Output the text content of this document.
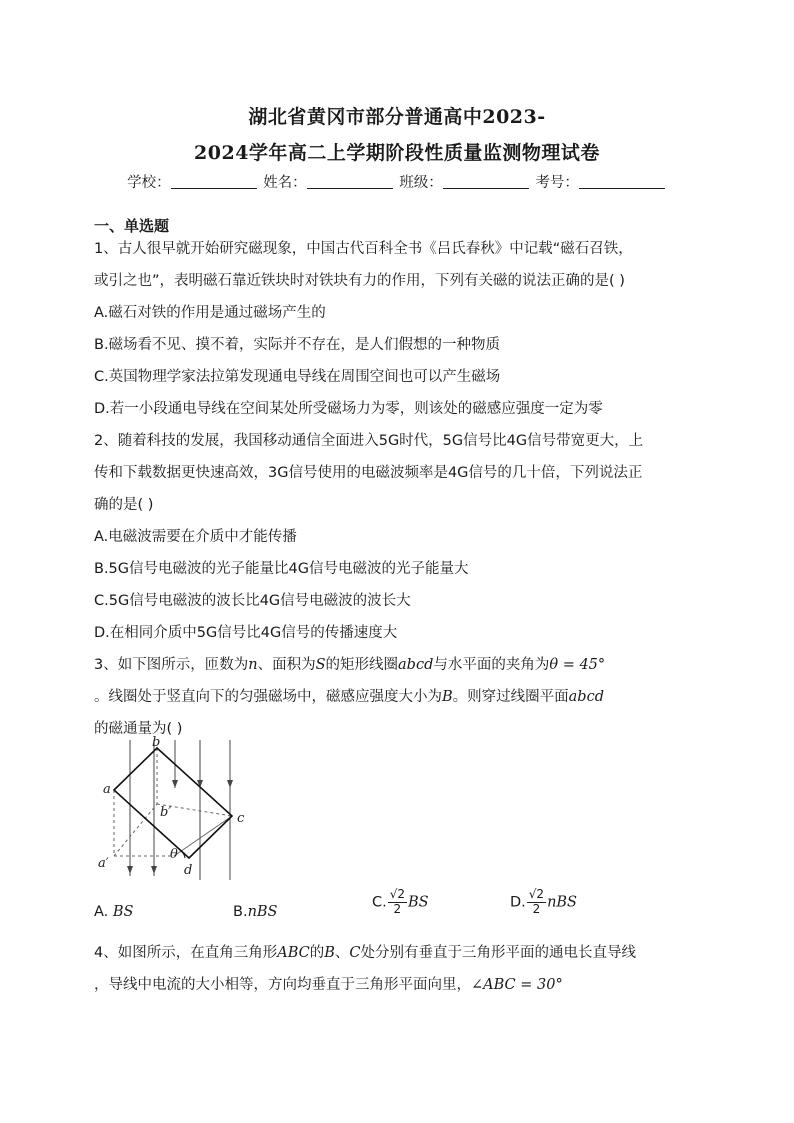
湖北省黄冈市部分普通高中2023-
2024学年高二上学期阶段性质量监测物理试卷
学校：	姓名：	班级：	考号：
一、单选题
1、古人很早就开始研究磁现象，中国古代百科全书《吕氏春秋》中记载“磁石召铁，
或引之也”，表明磁石靠近铁块时对铁块有力的作用，下列有关磁的说法正确的是( )
A.磁石对铁的作用是通过磁场产生的
B.磁场看不见、摸不着，实际并不存在，是人们假想的一种物质
C.英国物理学家法拉第发现通电导线在周围空间也可以产生磁场
D.若一小段通电导线在空间某处所受磁场力为零，则该处的磁感应强度一定为零
2、随着科技的发展，我国移动通信全面进入5G时代，5G信号比4G信号带宽更大，上
传和下载数据更快速高效，3G信号使用的电磁波频率是4G信号的几十倍，下列说法正
确的是( )
A.电磁波需要在介质中才能传播
B.5G信号电磁波的光子能量比4G信号电磁波的光子能量大
C.5G信号电磁波的波长比4G信号电磁波的波长大
D.在相同介质中5G信号比4G信号的传播速度大
3、如下图所示，匝数为n、面积为S的矩形线圈abcd与水平面的夹角为θ = 45°
。线圈处于竖直向下的匀强磁场中，磁感应强度大小为B。则穿过线圈平面abcd
的磁通量为( )
a
b
b′	c
a′	d
θ
A. BS	B.nBS
C. $\frac{√2}{2}$ BS	D. $\frac{√2}{2}$ nBS
4、如图所示，在直角三角形ABC的B、C处分别有垂直于三角形平面的通电长直导线
，导线中电流的大小相等，方向均垂直于三角形平面向里，∠ABC = 30°
